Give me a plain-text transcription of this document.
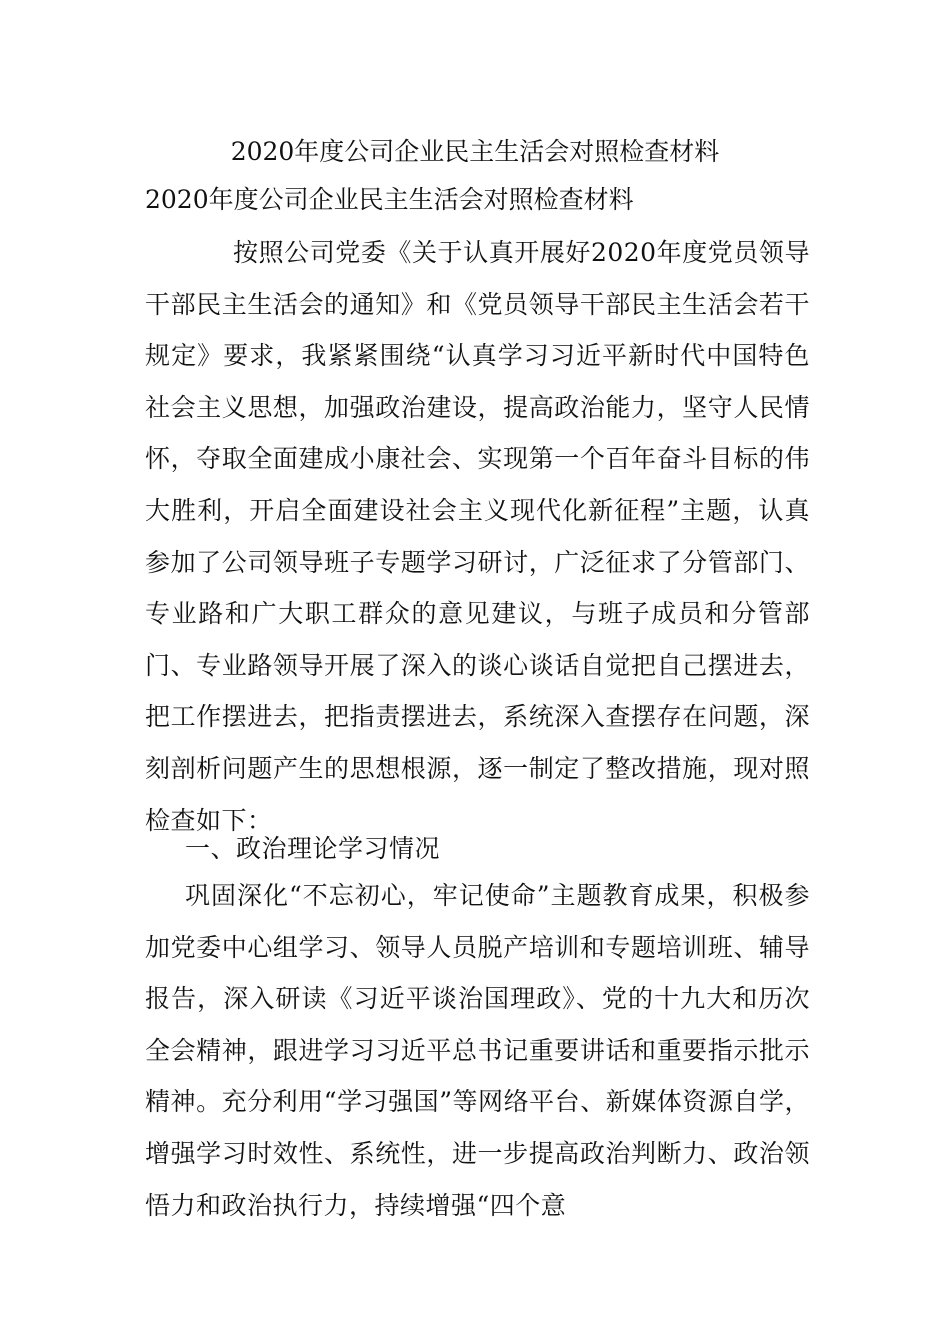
2020年度公司企业民主生活会对照检查材料
2020年度公司企业民主生活会对照检查材料
按照公司党委《关于认真开展好2020年度党员领导干部民主生活会的通知》和《党员领导干部民主生活会若干规定》要求，我紧紧围绕“认真学习习近平新时代中国特色社会主义思想，加强政治建设，提高政治能力，坚守人民情怀，夺取全面建成小康社会、实现第一个百年奋斗目标的伟大胜利，开启全面建设社会主义现代化新征程”主题，认真参加了公司领导班子专题学习研讨，广泛征求了分管部门、专业路和广大职工群众的意见建议，与班子成员和分管部门、专业路领导开展了深入的谈心谈话自觉把自己摆进去，把工作摆进去，把指责摆进去，系统深入查摆存在问题，深刻剖析问题产生的思想根源，逐一制定了整改措施，现对照检查如下：
一、政治理论学习情况
巩固深化“不忘初心，牢记使命”主题教育成果，积极参加党委中心组学习、领导人员脱产培训和专题培训班、辅导报告，深入研读《习近平谈治国理政》、党的十九大和历次全会精神，跟进学习习近平总书记重要讲话和重要指示批示精神。充分利用“学习强国”等网络平台、新媒体资源自学，增强学习时效性、系统性，进一步提高政治判断力、政治领悟力和政治执行力，持续增强“四个意
